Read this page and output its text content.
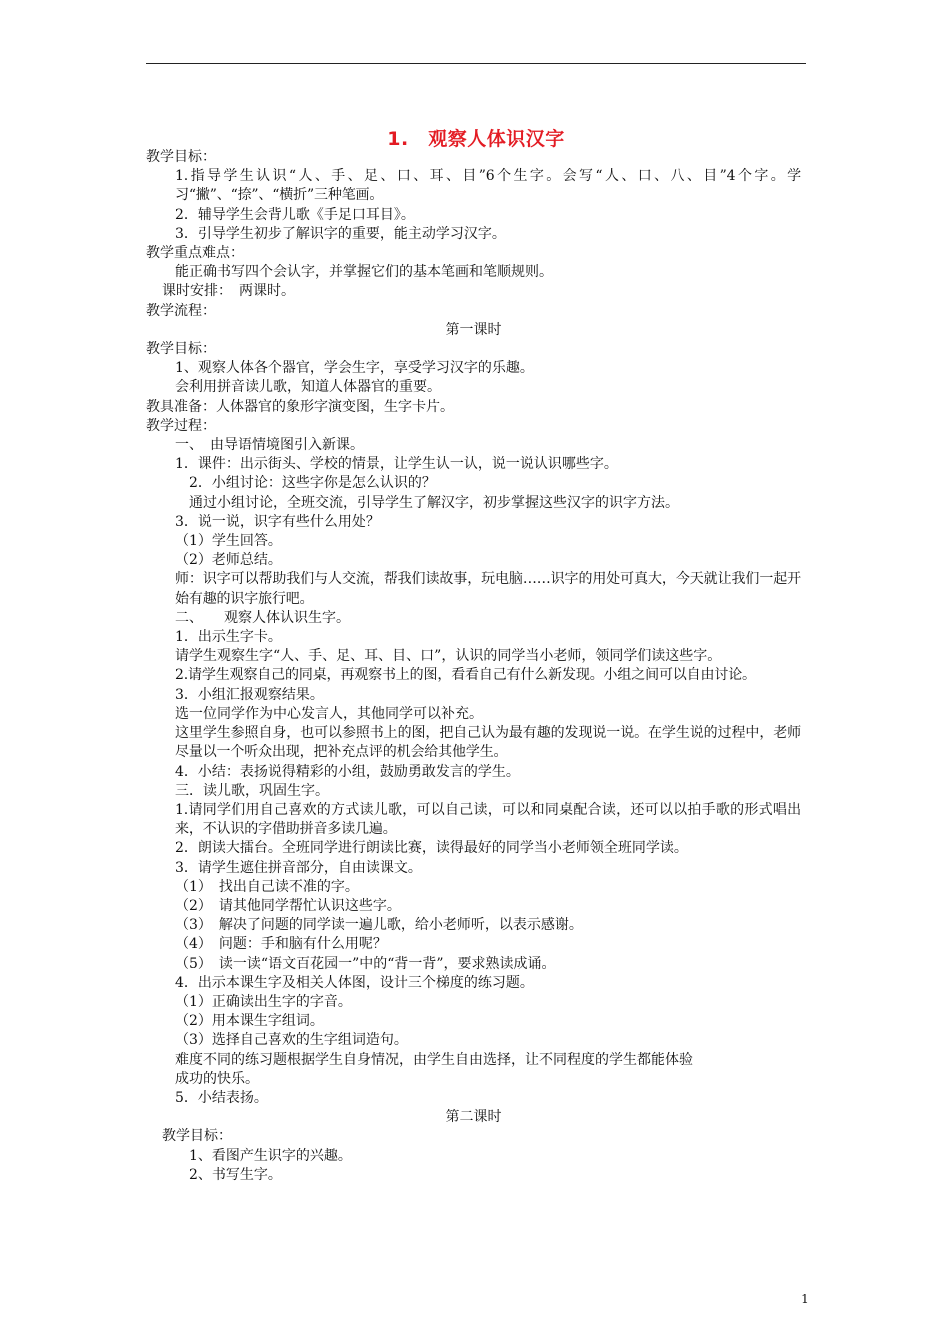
1.　观察人体识汉字
教学目标：
1.指导学生认识“人、手、足、口、耳、目”6个生字。会写“人、口、八、目”4个字。学习“撇”、“捺”、“横折”三种笔画。
2．辅导学生会背儿歌《手足口耳目》。
3．引导学生初步了解识字的重要，能主动学习汉字。
教学重点难点：
能正确书写四个会认字，并掌握它们的基本笔画和笔顺规则。
课时安排：　两课时。
教学流程：
第一课时
教学目标：
1、观察人体各个器官，学会生字，享受学习汉字的乐趣。
会利用拼音读儿歌，知道人体器官的重要。
教具准备：人体器官的象形字演变图，生字卡片。
教学过程：
一、　由导语情境图引入新课。
1．课件：出示街头、学校的情景，让学生认一认，说一说认识哪些字。
　2．小组讨论：这些字你是怎么认识的？
　通过小组讨论，全班交流，引导学生了解汉字，初步掌握这些汉字的识字方法。
3．说一说，识字有些什么用处？
（1）学生回答。
（2）老师总结。
师：识字可以帮助我们与人交流，帮我们读故事，玩电脑……识字的用处可真大，今天就让我们一起开始有趣的识字旅行吧。
二、　　观察人体认识生字。
1．出示生字卡。
请学生观察生字“人、手、足、耳、目、口”，认识的同学当小老师，领同学们读这些字。
2.请学生观察自己的同桌，再观察书上的图，看看自己有什么新发现。小组之间可以自由讨论。
3．小组汇报观察结果。
选一位同学作为中心发言人，其他同学可以补充。
这里学生参照自身，也可以参照书上的图，把自己认为最有趣的发现说一说。在学生说的过程中，老师尽量以一个听众出现，把补充点评的机会给其他学生。
4．小结：表扬说得精彩的小组，鼓励勇敢发言的学生。
三．读儿歌，巩固生字。
1.请同学们用自己喜欢的方式读儿歌，可以自己读，可以和同桌配合读，还可以以拍手歌的形式唱出来，不认识的字借助拼音多读几遍。
2．朗读大擂台。全班同学进行朗读比赛，读得最好的同学当小老师领全班同学读。
3．请学生遮住拼音部分，自由读课文。
（1）　找出自己读不准的字。
（2）　请其他同学帮忙认识这些字。
（3）　解决了问题的同学读一遍儿歌，给小老师听，以表示感谢。
（4）　问题：手和脑有什么用呢？
（5）　读一读“语文百花园一”中的“背一背”，要求熟读成诵。
4．出示本课生字及相关人体图，设计三个梯度的练习题。
（1）正确读出生字的字音。
（2）用本课生字组词。
（3）选择自己喜欢的生字组词造句。
难度不同的练习题根据学生自身情况，由学生自由选择，让不同程度的学生都能体验
成功的快乐。
5．小结表扬。
第二课时
教学目标：
　1、看图产生识字的兴趣。
　2、书写生字。
1
